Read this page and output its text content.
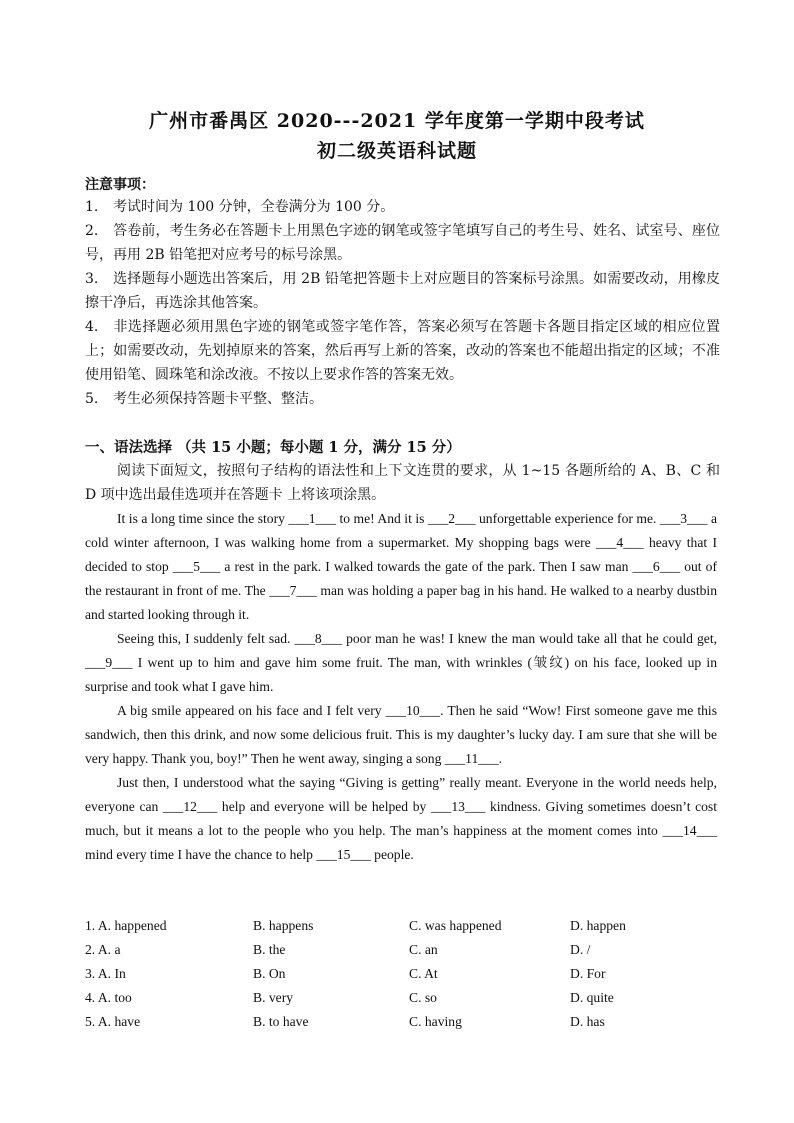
广州市番禺区 2020---2021 学年度第一学期中段考试
初二级英语科试题
注意事项：

1. 考试时间为 100 分钟，全卷满分为 100 分。

2. 答卷前，考生务必在答题卡上用黑色字迹的钢笔或签字笔填写自己的考生号、姓名、试室号、座位号，再用 2B 铅笔把对应考号的标号涂黑。

3. 选择题每小题选出答案后，用 2B 铅笔把答题卡上对应题目的答案标号涂黑。如需要改动，用橡皮擦干净后，再选涂其他答案。

4. 非选择题必须用黑色字迹的钢笔或签字笔作答，答案必须写在答题卡各题目指定区域的相应位置上；如需要改动，先划掉原来的答案，然后再写上新的答案，改动的答案也不能超出指定的区域；不准使用铅笔、圆珠笔和涂改液。不按以上要求作答的答案无效。

5. 考生必须保持答题卡平整、整洁。

一、语法选择 （共 15 小题；每小题 1 分，满分 15 分）
阅读下面短文，按照句子结构的语法性和上下文连贯的要求，从 1~15 各题所给的 A、B、C 和 D 项中选出最佳选项并在答题卡 上将该项涂黑。

It is a long time since the story ___1___ to me! And it is ___2___ unforgettable experience for me. ___3___ a cold winter afternoon, I was walking home from a supermarket. My shopping bags were ___4___ heavy that I decided to stop ___5___ a rest in the park. I walked towards the gate of the park. Then I saw man ___6___ out of the restaurant in front of me. The ___7___ man was holding a paper bag in his hand. He walked to a nearby dustbin and started looking through it.

Seeing this, I suddenly felt sad. ___8___ poor man he was! I knew the man would take all that he could get, ___9___ I went up to him and gave him some fruit. The man, with wrinkles (皱纹) on his face, looked up in surprise and took what I gave him.

A big smile appeared on his face and I felt very ___10___. Then he said “Wow! First someone gave me this sandwich, then this drink, and now some delicious fruit. This is my daughter’s lucky day. I am sure that she will be very happy. Thank you, boy!” Then he went away, singing a song ___11___.

Just then, I understood what the saying “Giving is getting” really meant. Everyone in the world needs help, everyone can ___12___ help and everyone will be helped by ___13___ kindness. Giving sometimes doesn’t cost much, but it means a lot to the people who you help. The man’s happiness at the moment comes into ___14___ mind every time I have the chance to help ___15___ people.

1. A. happened	B. happens	C. was happened	D. happen
2. A. a	B. the	C. an	D. /
3. A. In	B. On	C. At	D. For
4. A. too	B. very	C. so	D. quite
5. A. have	B. to have	C. having	D. has
